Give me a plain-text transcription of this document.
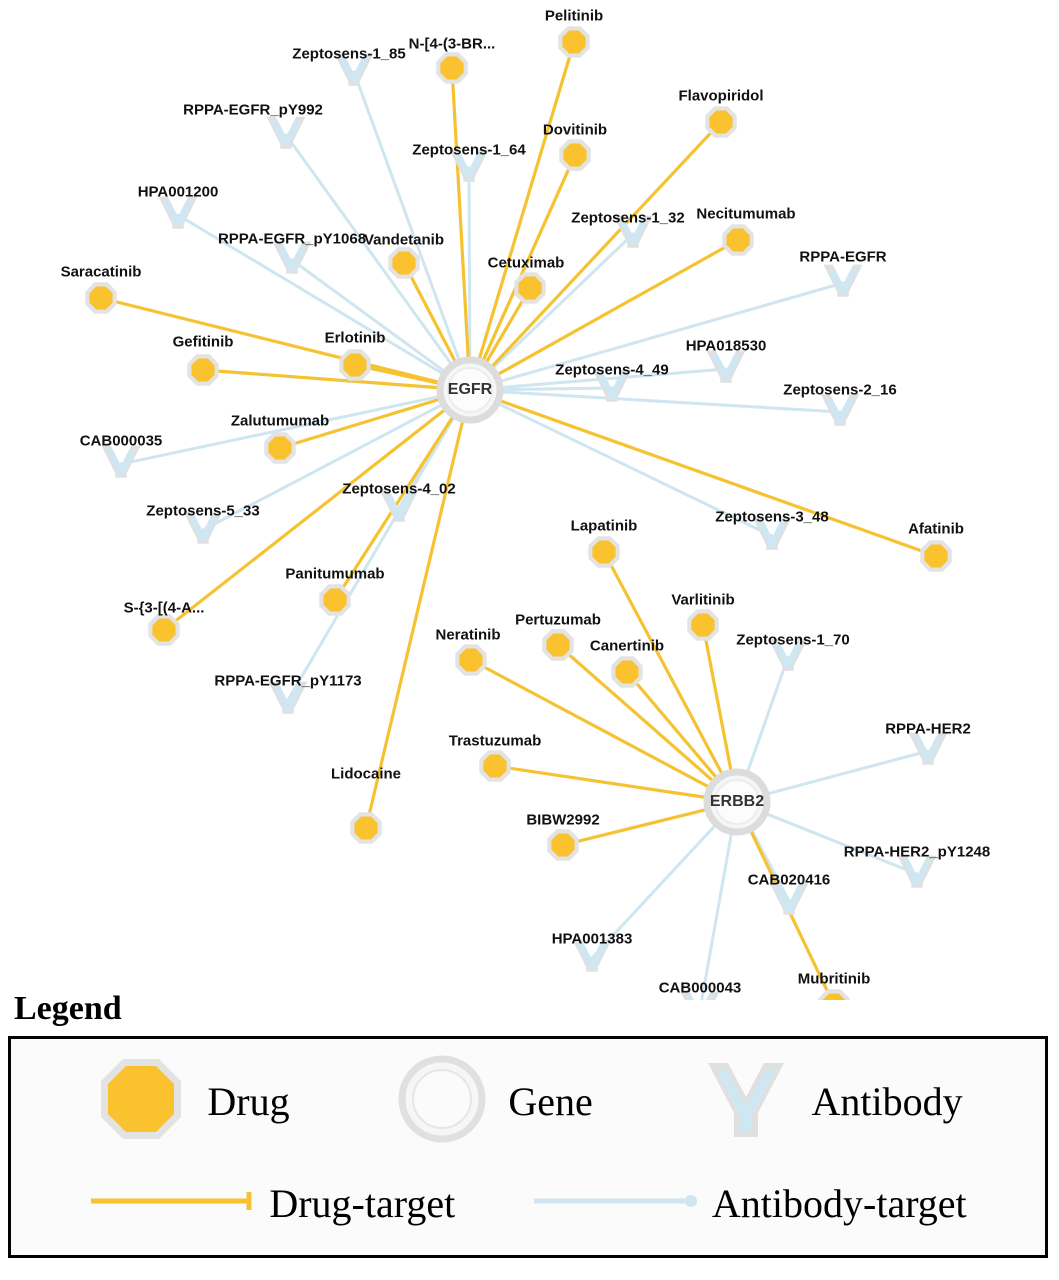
Pelitinib
N-[4-(3-BR...
Flavopiridol
Dovitinib
Necitumumab
Vandetanib
Cetuximab
Saracatinib
Erlotinib
Gefitinib
Zalutumumab
Afatinib
Lapatinib
Panitumumab
Varlitinib
S-{3-[(4-A...
Pertuzumab
Neratinib
Canertinib
Trastuzumab
Lidocaine
BIBW2992
Mubritinib
Zeptosens-1_85
RPPA-EGFR_pY992
Zeptosens-1_64
HPA001200
Zeptosens-1_32
RPPA-EGFR_pY1068
RPPA-EGFR
HPA018530
Zeptosens-4_49
Zeptosens-2_16
CAB000035
Zeptosens-4_02
Zeptosens-5_33	Zeptosens-3_48
Zeptosens-1_70
RPPA-EGFR_pY1173
RPPA-HER2
RPPA-HER2_pY1248
CAB020416
HPA001383
CAB000043
EGFR
ERBB2
Legend
Drug	Gene	Antibody
Drug-target	Antibody-target
